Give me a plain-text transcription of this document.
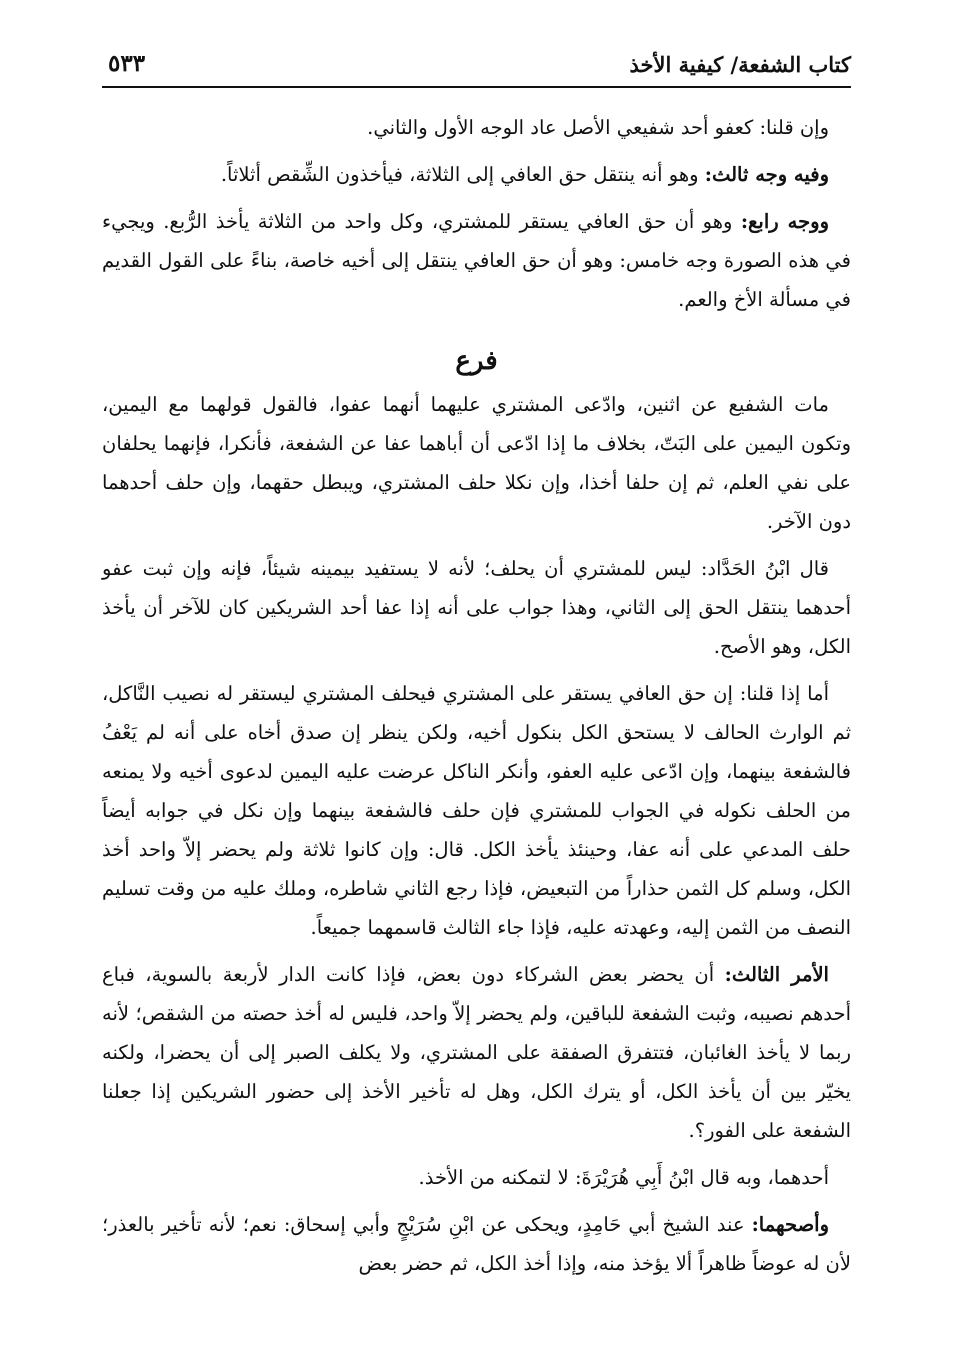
كتاب الشفعة/ كيفية الأخذ
٥٣٣

وإن قلنا: كعفو أحد شفيعي الأصل عاد الوجه الأول والثاني.

وفيه وجه ثالث: وهو أنه ينتقل حق العافي إلى الثلاثة، فيأخذون الشِّقص أثلاثاً.

ووجه رابع: وهو أن حق العافي يستقر للمشتري، وكل واحد من الثلاثة يأخذ الرُّبع. ويجيء في هذه الصورة وجه خامس: وهو أن حق العافي ينتقل إلى أخيه خاصة، بناءً على القول القديم في مسألة الأخ والعم.

فرع

مات الشفيع عن اثنين، وادّعى المشتري عليهما أنهما عفوا، فالقول قولهما مع اليمين، وتكون اليمين على البَتّ، بخلاف ما إذا ادّعى أن أباهما عفا عن الشفعة، فأنكرا، فإنهما يحلفان على نفي العلم، ثم إن حلفا أخذا، وإن نكلا حلف المشتري، ويبطل حقهما، وإن حلف أحدهما دون الآخر.

قال ابْنُ الحَدَّاد: ليس للمشتري أن يحلف؛ لأنه لا يستفيد بيمينه شيئاً، فإنه وإن ثبت عفو أحدهما ينتقل الحق إلى الثاني، وهذا جواب على أنه إذا عفا أحد الشريكين كان للآخر أن يأخذ الكل، وهو الأصح.

أما إذا قلنا: إن حق العافي يستقر على المشتري فيحلف المشتري ليستقر له نصيب النَّاكل، ثم الوارث الحالف لا يستحق الكل بنكول أخيه، ولكن ينظر إن صدق أخاه على أنه لم يَعْفُ فالشفعة بينهما، وإن ادّعى عليه العفو، وأنكر الناكل عرضت عليه اليمين لدعوى أخيه ولا يمنعه من الحلف نكوله في الجواب للمشتري فإن حلف فالشفعة بينهما وإن نكل في جوابه أيضاً حلف المدعي على أنه عفا، وحينئذ يأخذ الكل. قال: وإن كانوا ثلاثة ولم يحضر إلاّ واحد أخذ الكل، وسلم كل الثمن حذاراً من التبعيض، فإذا رجع الثاني شاطره، وملك عليه من وقت تسليم النصف من الثمن إليه، وعهدته عليه، فإذا جاء الثالث قاسمهما جميعاً.

الأمر الثالث: أن يحضر بعض الشركاء دون بعض، فإذا كانت الدار لأربعة بالسوية، فباع أحدهم نصيبه، وثبت الشفعة للباقين، ولم يحضر إلاّ واحد، فليس له أخذ حصته من الشقص؛ لأنه ربما لا يأخذ الغائبان، فتتفرق الصفقة على المشتري، ولا يكلف الصبر إلى أن يحضرا، ولكنه يخيّر بين أن يأخذ الكل، أو يترك الكل، وهل له تأخير الأخذ إلى حضور الشريكين إذا جعلنا الشفعة على الفور؟.

أحدهما، وبه قال ابْنُ أَبِي هُرَيْرَةَ: لا لتمكنه من الأخذ.

وأصحهما: عند الشيخ أبي حَامِدٍ، ويحكى عن ابْنِ سُرَيْجٍ وأبي إسحاق: نعم؛ لأنه تأخير بالعذر؛ لأن له عوضاً ظاهراً ألا يؤخذ منه، وإذا أخذ الكل، ثم حضر بعض
